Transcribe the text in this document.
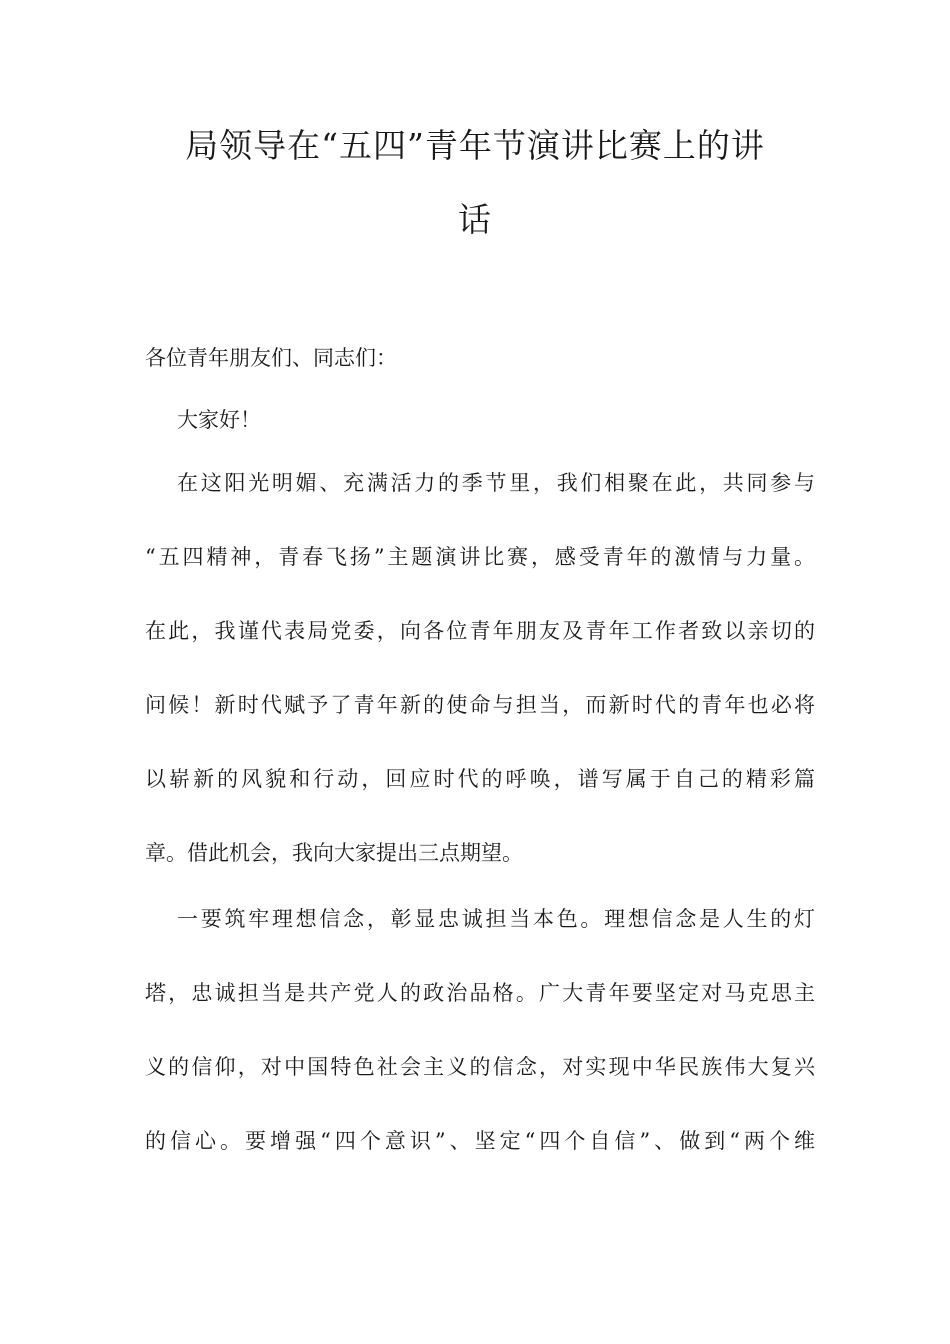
局领导在“五四”青年节演讲比赛上的讲
话
各位青年朋友们、同志们：
大家好！
在这阳光明媚、充满活力的季节里，我们相聚在此，共同参与
“五四精神，青春飞扬”主题演讲比赛，感受青年的激情与力量。
在此，我谨代表局党委，向各位青年朋友及青年工作者致以亲切的
问候！新时代赋予了青年新的使命与担当，而新时代的青年也必将
以崭新的风貌和行动，回应时代的呼唤，谱写属于自己的精彩篇
章。借此机会，我向大家提出三点期望。
一要筑牢理想信念，彰显忠诚担当本色。理想信念是人生的灯
塔，忠诚担当是共产党人的政治品格。广大青年要坚定对马克思主
义的信仰，对中国特色社会主义的信念，对实现中华民族伟大复兴
的信心。要增强“四个意识”、坚定“四个自信”、做到“两个维
